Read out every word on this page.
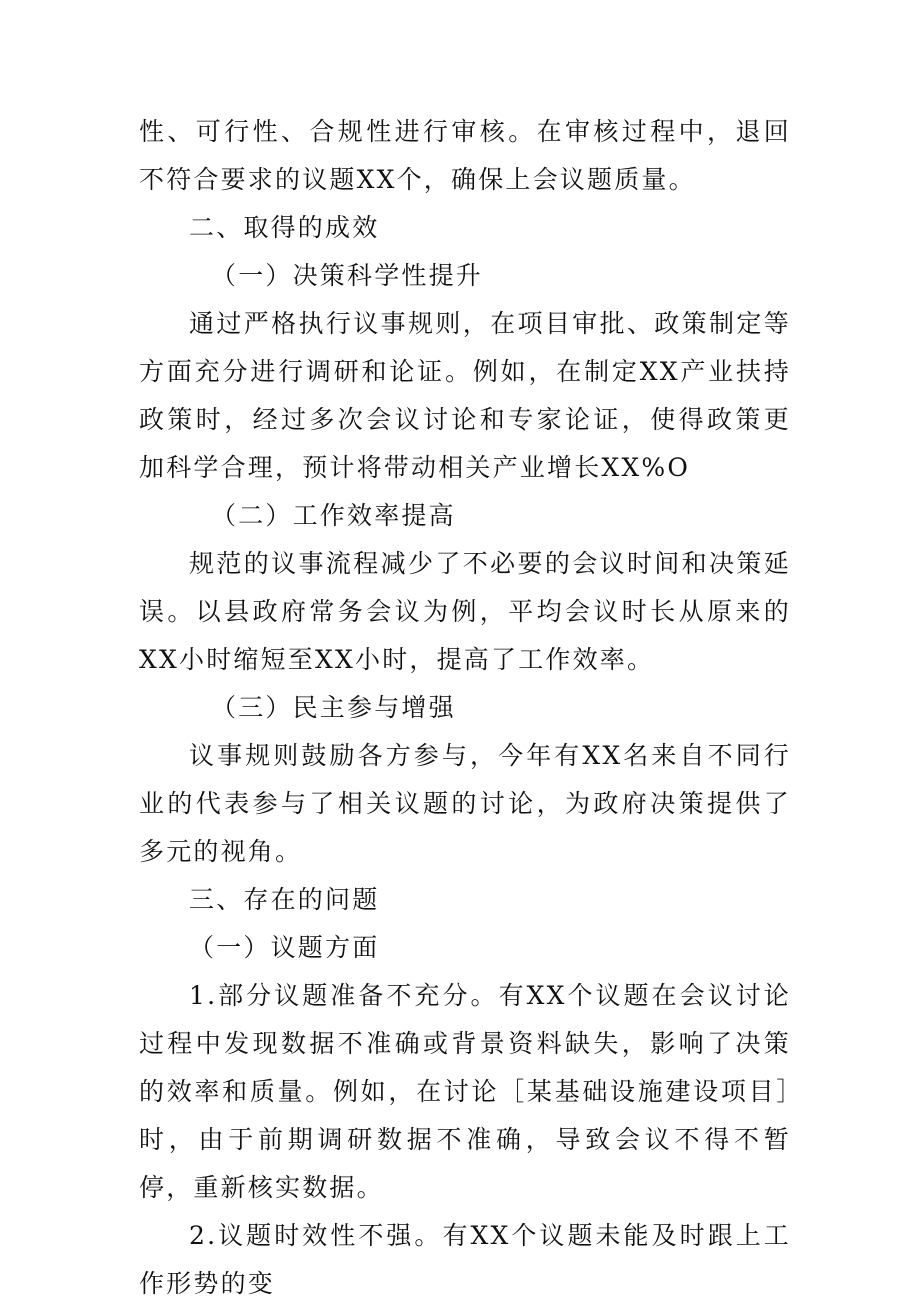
性、可行性、合规性进行审核。在审核过程中，退回不符合要求的议题XX个，确保上会议题质量。

二、取得的成效

（一）决策科学性提升

通过严格执行议事规则，在项目审批、政策制定等方面充分进行调研和论证。例如，在制定XX产业扶持政策时，经过多次会议讨论和专家论证，使得政策更加科学合理，预计将带动相关产业增长XX%O

（二）工作效率提高

规范的议事流程减少了不必要的会议时间和决策延误。以县政府常务会议为例，平均会议时长从原来的XX小时缩短至XX小时，提高了工作效率。

（三）民主参与增强

议事规则鼓励各方参与，今年有XX名来自不同行业的代表参与了相关议题的讨论，为政府决策提供了多元的视角。

三、存在的问题

（一）议题方面

1.部分议题准备不充分。有XX个议题在会议讨论过程中发现数据不准确或背景资料缺失，影响了决策的效率和质量。例如，在讨论［某基础设施建设项目］时，由于前期调研数据不准确，导致会议不得不暂停，重新核实数据。

2.议题时效性不强。有XX个议题未能及时跟上工作形势的变
